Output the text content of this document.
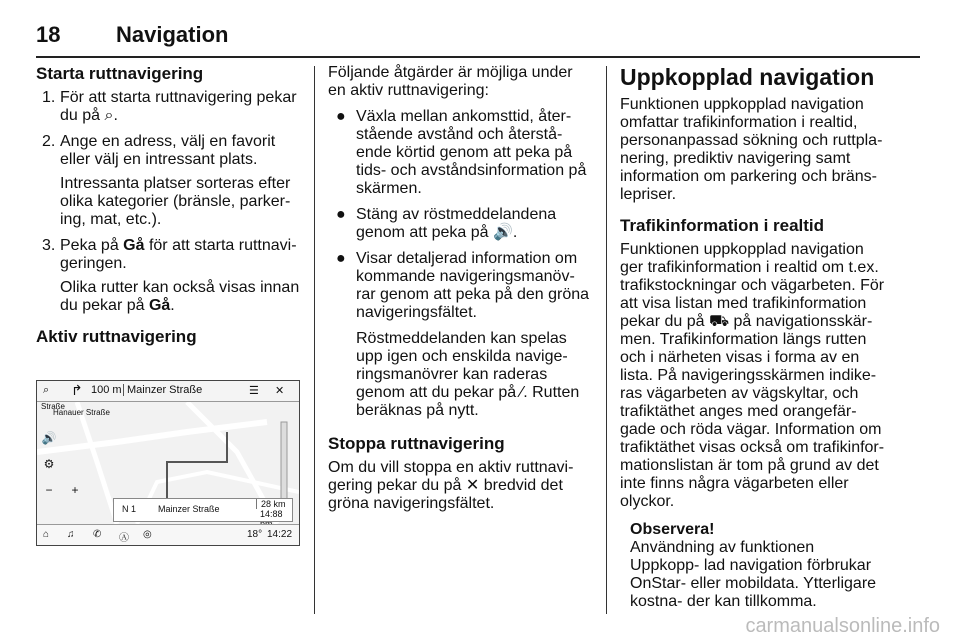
18	Navigation
Starta ruttnavigering
1. För att starta ruttnavigering pekar du på ⌕.

2. Ange en adress, välj en favorit eller välj en intressant plats.

Intressanta platser sorteras efter olika kategorier (bränsle, parker‐ ing, mat, etc.).

3. Peka på Gå för att starta ruttnavi‐ geringen.

Olika rutter kan också visas innan du pekar på Gå.

Aktiv ruttnavigering
⌕ ↱ 100 m Mainzer Straße	☰ ✕
Straße
Hanauer Straße
🔊
⚙
−	+
N 1 Mainzer Straße	28 km
14:88
⌂ ♫ ✆ Ⓐ ◎	18° 14:22

Följande åtgärder är möjliga under en aktiv ruttnavigering:

● Växla mellan ankomsttid, åter‐ stående avstånd och återstå‐ ende körtid genom att peka på tids‐ och avståndsinformation på skärmen.

● Stäng av röstmeddelandena genom att peka på 🔊.

● Visar detaljerad information om kommande navigeringsmanöv‐ rar genom att peka på den gröna navigeringsfältet.

Röstmeddelanden kan spelas upp igen och enskilda navige‐ ringsmanövrer kan raderas genom att du pekar på ⁄. Rutten beräknas på nytt.

Stoppa ruttnavigering

Om du vill stoppa en aktiv ruttnavi‐ gering pekar du på ✕ bredvid det gröna navigeringsfältet.

Uppkopplad navigation

Funktionen uppkopplad navigation omfattar trafikinformation i realtid, personanpassad sökning och ruttpla‐ nering, prediktiv navigering samt information om parkering och bräns‐ lepriser.

Trafikinformation i realtid

Funktionen uppkopplad navigation ger trafikinformation i realtid om t.ex. trafikstockningar och vägarbeten. För att visa listan med trafikinformation pekar du på ⛟ på navigationsskär‐ men. Trafikinformation längs rutten och i närheten visas i forma av en lista. På navigeringsskärmen indike‐ ras vägarbeten av vägskyltar, och trafiktäthet anges med orangefär‐ gade och röda vägar. Information om trafiktäthet visas också om trafikinfor‐ mationslistan är tom på grund av det inte finns några vägarbeten eller olyckor.

Observera!

Användning av funktionen Uppkopp‐ lad navigation förbrukar OnStar- eller mobildata. Ytterligare kostna‐ der kan tillkomma.

carmanualsonline.info
